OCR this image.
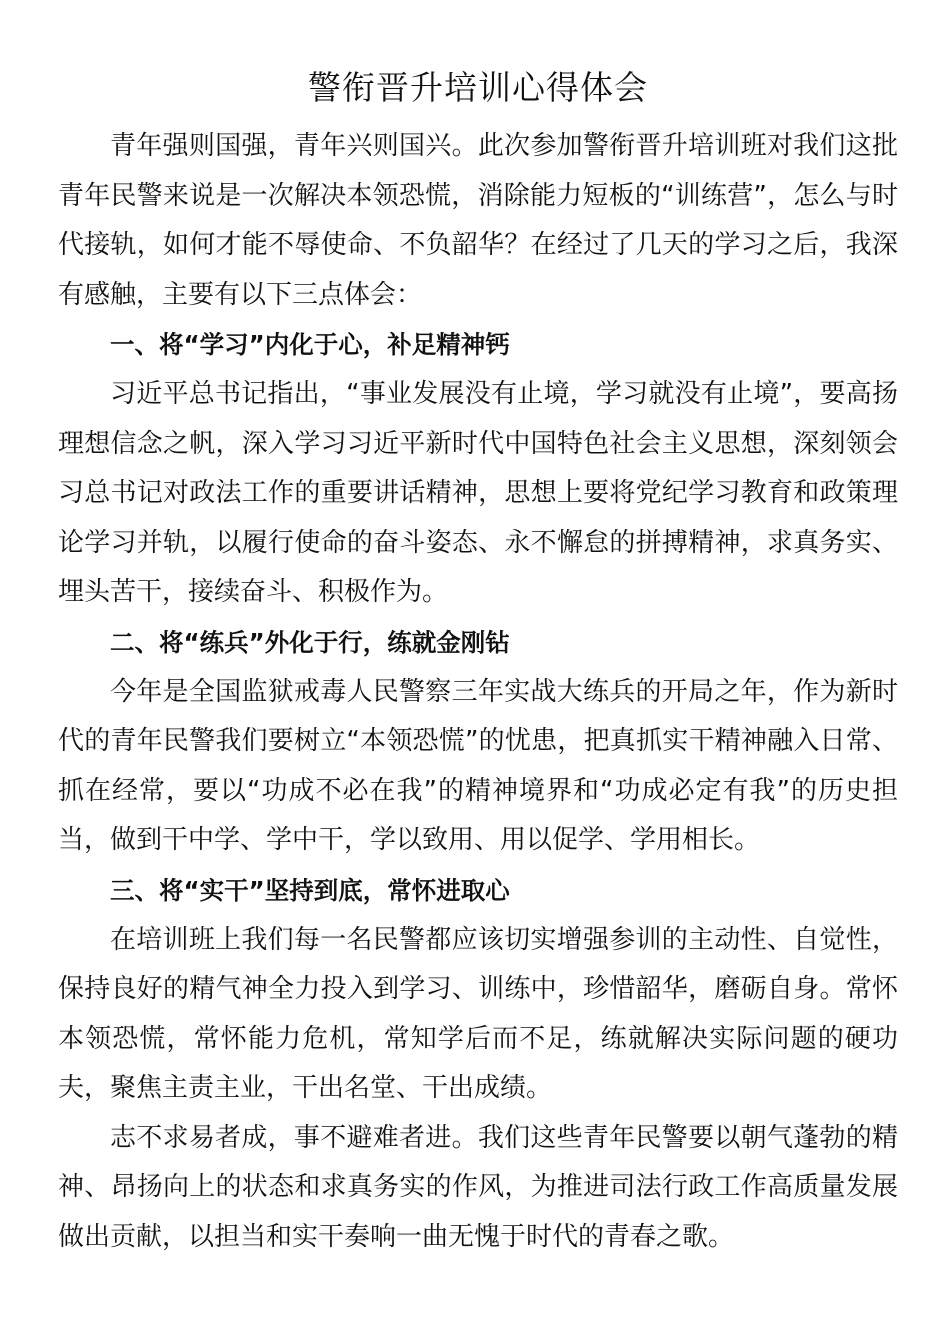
警衔晋升培训心得体会

青年强则国强，青年兴则国兴。此次参加警衔晋升培训班对我们这批青年民警来说是一次解决本领恐慌，消除能力短板的“训练营”，怎么与时代接轨，如何才能不辱使命、不负韶华？在经过了几天的学习之后，我深有感触，主要有以下三点体会：

一、将“学习”内化于心，补足精神钙

习近平总书记指出，“事业发展没有止境，学习就没有止境”，要高扬理想信念之帆，深入学习习近平新时代中国特色社会主义思想，深刻领会习总书记对政法工作的重要讲话精神，思想上要将党纪学习教育和政策理论学习并轨，以履行使命的奋斗姿态、永不懈怠的拼搏精神，求真务实、埋头苦干，接续奋斗、积极作为。

二、将“练兵”外化于行，练就金刚钻

今年是全国监狱戒毒人民警察三年实战大练兵的开局之年，作为新时代的青年民警我们要树立“本领恐慌”的忧患，把真抓实干精神融入日常、抓在经常，要以“功成不必在我”的精神境界和“功成必定有我”的历史担当，做到干中学、学中干，学以致用、用以促学、学用相长。

三、将“实干”坚持到底，常怀进取心

在培训班上我们每一名民警都应该切实增强参训的主动性、自觉性，保持良好的精气神全力投入到学习、训练中，珍惜韶华，磨砺自身。常怀本领恐慌，常怀能力危机，常知学后而不足，练就解决实际问题的硬功夫，聚焦主责主业，干出名堂、干出成绩。

志不求易者成，事不避难者进。我们这些青年民警要以朝气蓬勃的精神、昂扬向上的状态和求真务实的作风，为推进司法行政工作高质量发展做出贡献，以担当和实干奏响一曲无愧于时代的青春之歌。
